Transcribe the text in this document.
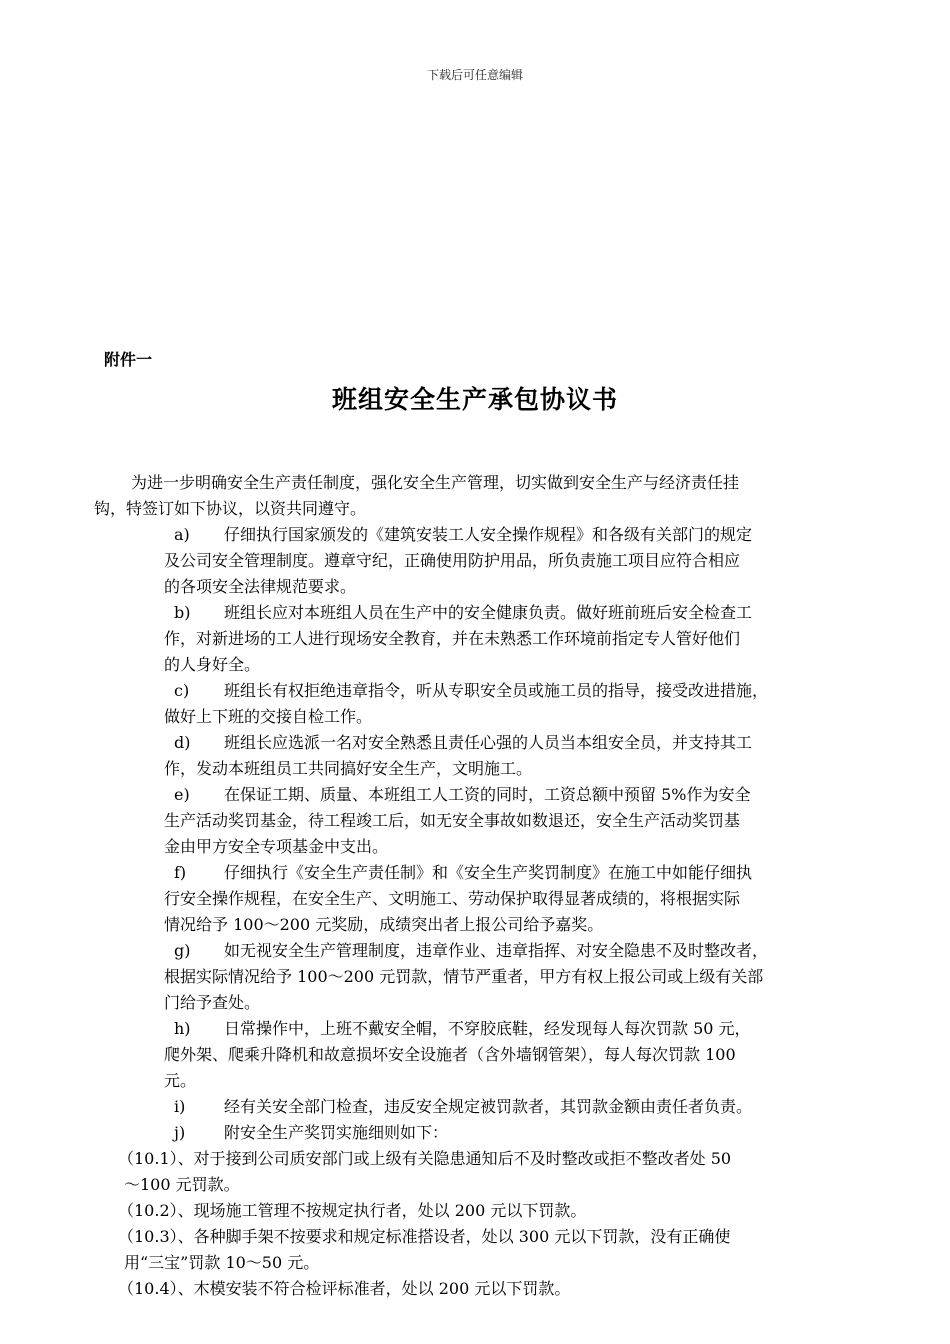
下载后可任意编辑
附件一
班组安全生产承包协议书
为进一步明确安全生产责任制度，强化安全生产管理，切实做到安全生产与经济责任挂
钩，特签订如下协议，以资共同遵守。
a) 仔细执行国家颁发的《建筑安装工人安全操作规程》和各级有关部门的规定
及公司安全管理制度。遵章守纪，正确使用防护用品，所负责施工项目应符合相应
的各项安全法律规范要求。
b) 班组长应对本班组人员在生产中的安全健康负责。做好班前班后安全检查工
作，对新进场的工人进行现场安全教育，并在未熟悉工作环境前指定专人管好他们
的人身好全。
c) 班组长有权拒绝违章指令，听从专职安全员或施工员的指导，接受改进措施，
做好上下班的交接自检工作。
d) 班组长应选派一名对安全熟悉且责任心强的人员当本组安全员，并支持其工
作，发动本班组员工共同搞好安全生产，文明施工。
e) 在保证工期、质量、本班组工人工资的同时，工资总额中预留 5%作为安全
生产活动奖罚基金，待工程竣工后，如无安全事故如数退还，安全生产活动奖罚基
金由甲方安全专项基金中支出。
f) 仔细执行《安全生产责任制》和《安全生产奖罚制度》在施工中如能仔细执
行安全操作规程，在安全生产、文明施工、劳动保护取得显著成绩的，将根据实际
情况给予 100～200 元奖励，成绩突出者上报公司给予嘉奖。
g) 如无视安全生产管理制度，违章作业、违章指挥、对安全隐患不及时整改者，
根据实际情况给予 100～200 元罚款，情节严重者，甲方有权上报公司或上级有关部
门给予查处。
h) 日常操作中，上班不戴安全帽，不穿胶底鞋，经发现每人每次罚款 50 元，
爬外架、爬乘升降机和故意损坏安全设施者（含外墙钢管架），每人每次罚款 100
元。
i) 经有关安全部门检查，违反安全规定被罚款者，其罚款金额由责任者负责。
j) 附安全生产奖罚实施细则如下：
（10.1）、对于接到公司质安部门或上级有关隐患通知后不及时整改或拒不整改者处 50
～100 元罚款。
（10.2）、现场施工管理不按规定执行者，处以 200 元以下罚款。
（10.3）、各种脚手架不按要求和规定标准搭设者，处以 300 元以下罚款，没有正确使
用“三宝”罚款 10～50 元。
（10.4）、木模安装不符合检评标准者，处以 200 元以下罚款。
